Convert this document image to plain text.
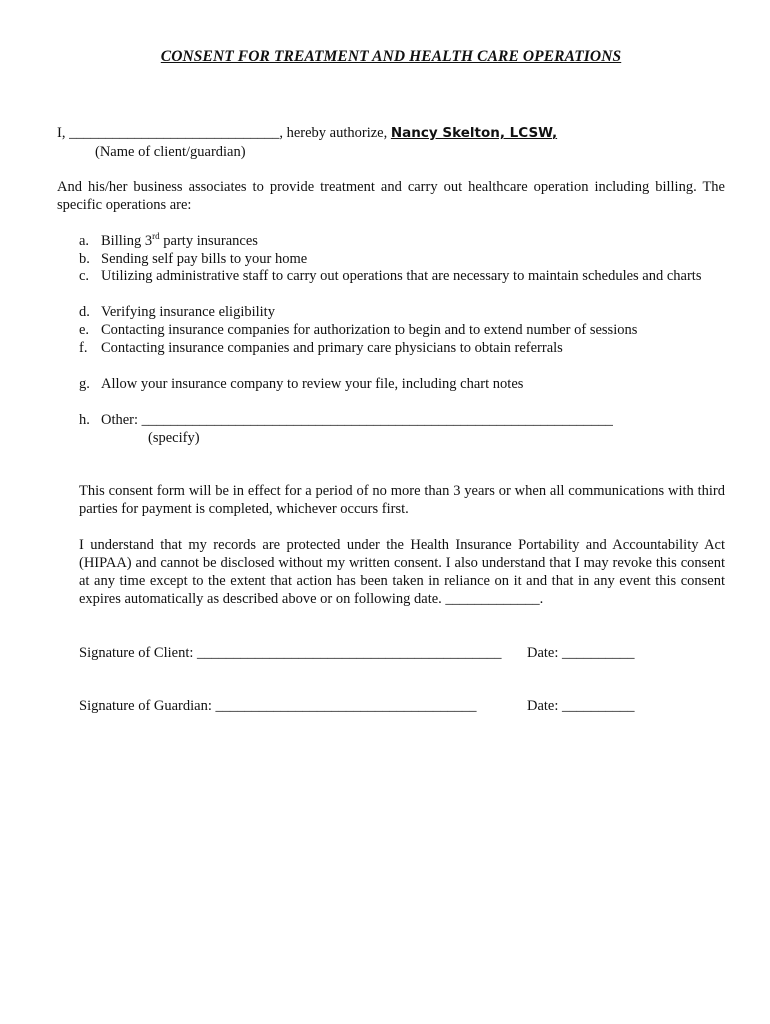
CONSENT FOR TREATMENT AND HEALTH CARE OPERATIONS
I, _____________________________, hereby authorize, Nancy Skelton, LCSW,
(Name of client/guardian)
And his/her business associates to provide treatment and carry out healthcare operation including billing. The specific operations are:
a. Billing 3rd party insurances
b. Sending self pay bills to your home
c. Utilizing administrative staff to carry out operations that are necessary to maintain schedules and charts
d. Verifying insurance eligibility
e. Contacting insurance companies for authorization to begin and to extend number of sessions
f. Contacting insurance companies and primary care physicians to obtain referrals
g. Allow your insurance company to review your file, including chart notes
h. Other: _________________________________________________________________
(specify)
This consent form will be in effect for a period of no more than 3 years or when all communications with third parties for payment is completed, whichever occurs first.
I understand that my records are protected under the Health Insurance Portability and Accountability Act (HIPAA) and cannot be disclosed without my written consent. I also understand that I may revoke this consent at any time except to the extent that action has been taken in reliance on it and that in any event this consent expires automatically as described above or on following date. _____________.
Signature of Client: __________________________________________ Date: __________
Signature of Guardian: ____________________________________	Date: __________
